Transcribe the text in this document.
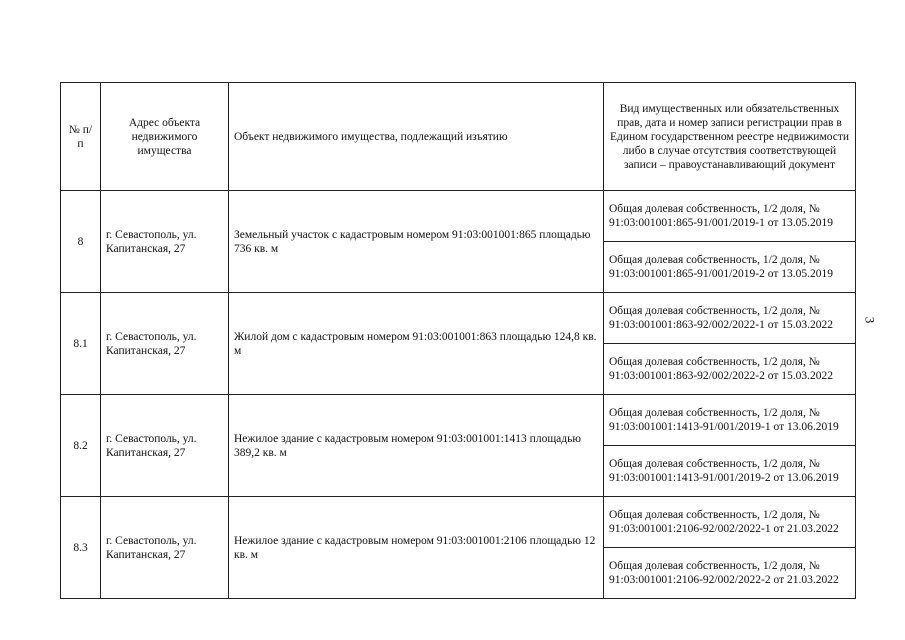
№ п/п	Адрес объекта недвижимого имущества	Объект недвижимого имущества, подлежащий изъятию	Вид имущественных или обязательственных прав, дата и номер записи регистрации прав в Едином государственном реестре недвижимости либо в случае отсутствия соответствующей записи – правоустанавливающий документ
8	г. Севастополь, ул. Капитанская, 27	Земельный участок с кадастровым номером 91:03:001001:865 площадью 736 кв. м	Общая долевая собственность, 1/2 доля, № 91:03:001001:865-91/001/2019-1 от 13.05.2019
			Общая долевая собственность, 1/2 доля, № 91:03:001001:865-91/001/2019-2 от 13.05.2019
8.1	г. Севастополь, ул. Капитанская, 27	Жилой дом с кадастровым номером 91:03:001001:863 площадью 124,8 кв. м	Общая долевая собственность, 1/2 доля, № 91:03:001001:863-92/002/2022-1 от 15.03.2022
			Общая долевая собственность, 1/2 доля, № 91:03:001001:863-92/002/2022-2 от 15.03.2022
8.2	г. Севастополь, ул. Капитанская, 27	Нежилое здание с кадастровым номером 91:03:001001:1413 площадью 389,2 кв. м	Общая долевая собственность, 1/2 доля, № 91:03:001001:1413-91/001/2019-1 от 13.06.2019
			Общая долевая собственность, 1/2 доля, № 91:03:001001:1413-91/001/2019-2 от 13.06.2019
8.3	г. Севастополь, ул. Капитанская, 27	Нежилое здание с кадастровым номером 91:03:001001:2106 площадью 12 кв. м	Общая долевая собственность, 1/2 доля, № 91:03:001001:2106-92/002/2022-1 от 21.03.2022
			Общая долевая собственность, 1/2 доля, № 91:03:001001:2106-92/002/2022-2 от 21.03.2022
3
